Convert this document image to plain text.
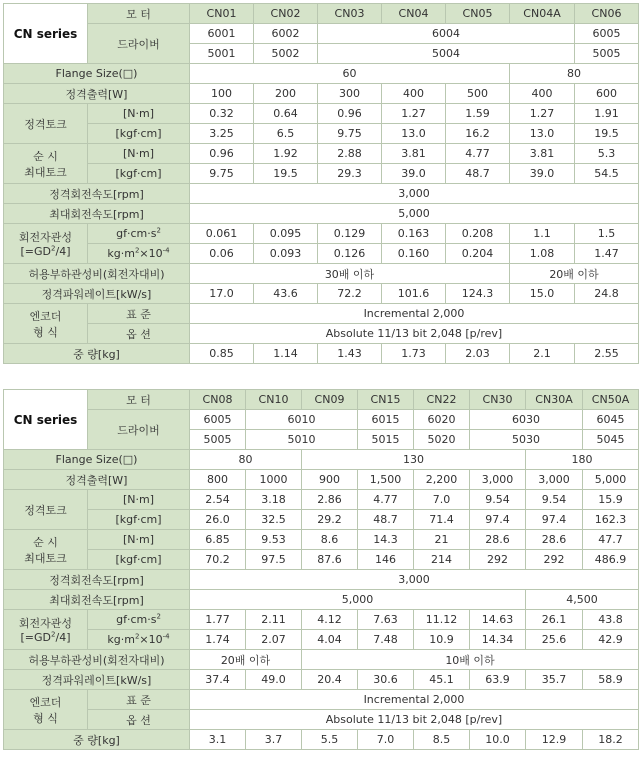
CN series	모 터	CN01	CN02	CN03	CN04	CN05	CN04A	CN06
	드라이버	6001	6002	6004				6005
		5001	5002	5004				5005
Flange Size(□)		60					80	
정격출력[W]		100	200	300	400	500	400	600
정격토크	[N·m]	0.32	0.64	0.96	1.27	1.59	1.27	1.91
	[kgf·cm]	3.25	6.5	9.75	13.0	16.2	13.0	19.5

순 시
최대토크	[N·m]	0.96	1.92	2.88	3.81	4.77	3.81	5.3
	[kgf·cm]	9.75	19.5	29.3	39.0	48.7	39.0	54.5
정격회전속도[rpm]		3,000						
최대회전속도[rpm]		5,000						

회전자관성
$[=GD^2/4]$	$gf\cdot cm\cdot s^2$	0.061	0.095	0.129	0.163	0.208	1.1	1.5
	$kg\cdot m^2\times 10^{-4}$	0.06	0.093	0.126	0.160	0.204	1.08	1.47
허용부하관성비(회전자대비)		30배 이하					20배 이하	
정격파워레이트[kW/s]		17.0	43.6	72.2	101.6	124.3	15.0	24.8

엔코더
형 식	표 준	Incremental 2,000						
	옵 션	Absolute 11/13 bit 2,048 [p/rev]						
중 량[kg]		0.85	1.14	1.43	1.73	2.03	2.1	2.55
CN series	모 터	CN08	CN10	CN09	CN15	CN22	CN30	CN30A	CN50A
	드라이버	6005	6010		6015	6020	6030		6045
		5005	5010		5015	5020	5030		5045
Flange Size(□)		80		130				180	
정격출력[W]		800	1000	900	1,500	2,200	3,000	3,000	5,000
정격토크	[N·m]	2.54	3.18	2.86	4.77	7.0	9.54	9.54	15.9
	[kgf·cm]	26.0	32.5	29.2	48.7	71.4	97.4	97.4	162.3

순 시
최대토크	[N·m]	6.85	9.53	8.6	14.3	21	28.6	28.6	47.7
	[kgf·cm]	70.2	97.5	87.6	146	214	292	292	486.9
정격회전속도[rpm]		3,000							
최대회전속도[rpm]		5,000						4,500	

회전자관성
$[=GD^2/4]$	$gf\cdot cm\cdot s^2$	1.77	2.11	4.12	7.63	11.12	14.63	26.1	43.8
	$kg\cdot m^2\times 10^{-4}$	1.74	2.07	4.04	7.48	10.9	14.34	25.6	42.9
허용부하관성비(회전자대비)		20배 이하		10배 이하					
정격파워레이트[kW/s]		37.4	49.0	20.4	30.6	45.1	63.9	35.7	58.9

엔코더
형 식	표 준	Incremental 2,000							
	옵 션	Absolute 11/13 bit 2,048 [p/rev]							
중 량[kg]		3.1	3.7	5.5	7.0	8.5	10.0	12.9	18.2
